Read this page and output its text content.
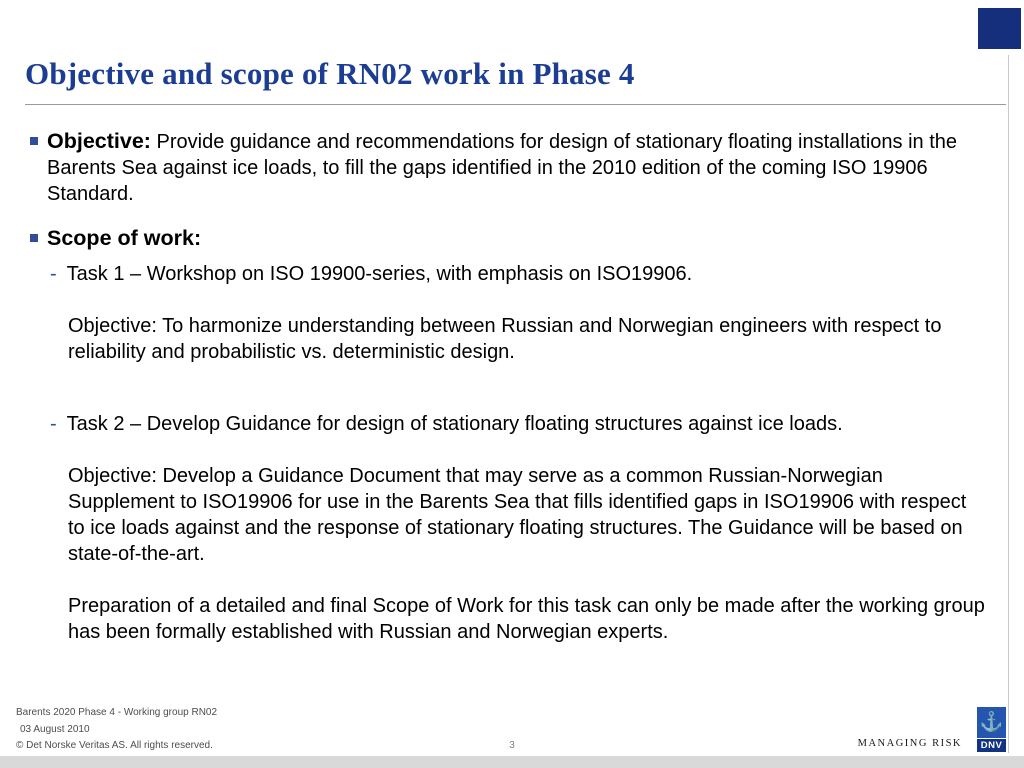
Objective and scope of RN02 work in Phase 4

Objective: Provide guidance and recommendations for design of stationary floating installations in the Barents Sea against ice loads, to fill the gaps identified in the 2010 edition of the coming ISO 19906 Standard.

Scope of work:

- Task 1 – Workshop on ISO 19900-series, with emphasis on ISO19906.

Objective: To harmonize understanding between Russian and Norwegian engineers with respect to reliability and probabilistic vs. deterministic design.

- Task 2 – Develop Guidance for design of stationary floating structures against ice loads.

Objective: Develop a Guidance Document that may serve as a common Russian-Norwegian Supplement to ISO19906 for use in the Barents Sea that fills identified gaps in ISO19906 with respect to ice loads against and the response of stationary floating structures. The Guidance will be based on state-of-the-art.

Preparation of a detailed and final Scope of Work for this task can only be made after the working group has been formally established with Russian and Norwegian experts.

Barents 2020 Phase 4 - Working group RN02
03 August 2010
© Det Norske Veritas AS. All rights reserved.	3	MANAGING RISK
⚓
DNV
